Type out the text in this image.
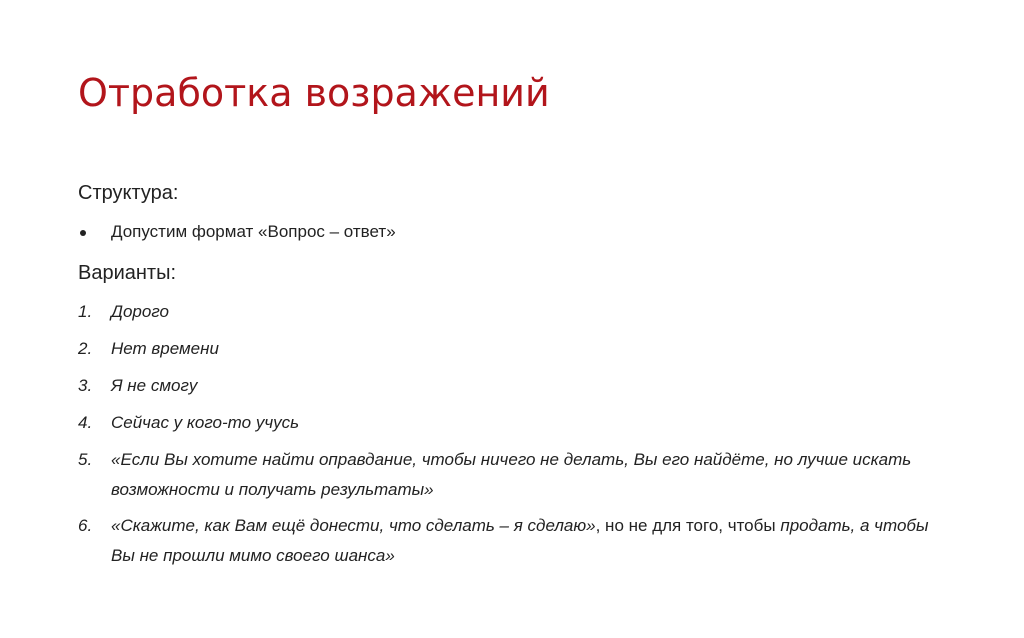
Отработка возражений
Структура:
Допустим формат «Вопрос – ответ»
Варианты:
1. Дорого
2. Нет времени
3. Я не смогу
4. Сейчас у кого-то учусь
5. «Если Вы хотите найти оправдание, чтобы ничего не делать, Вы его найдёте, но лучше искать возможности и получать результаты»
6. «Скажите, как Вам ещё донести, что сделать – я сделаю», но не для того, чтобы продать, а чтобы Вы не прошли мимо своего шанса»
